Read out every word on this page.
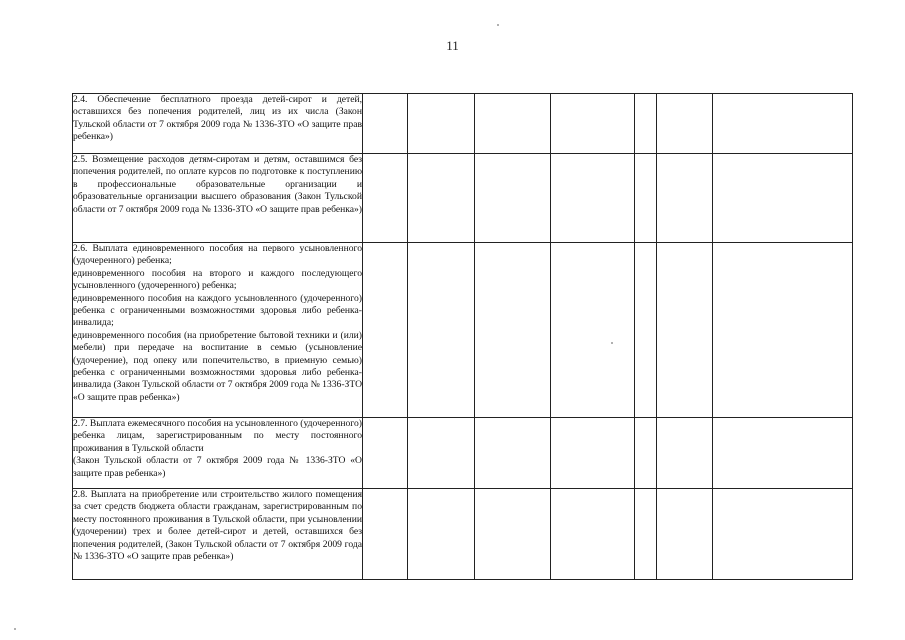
11
2.4. Обеспечение бесплатного проезда детей-сирот и детей, оставшихся без попечения родителей, лиц из их числа (Закон Тульской области от 7 октября 2009 года № 1336-ЗТО «О защите прав ребенка»)							
2.5. Возмещение расходов детям-сиротам и детям, оставшимся без попечения родителей, по оплате курсов по подготовке к поступлению в профессиональные образовательные организации и образовательные организации высшего образования (Закон Тульской области от 7 октября 2009 года № 1336-ЗТО «О защите прав ребенка»)							
2.6. Выплата единовременного пособия на первого усыновленного (удочеренного) ребенка;
единовременного пособия на второго и каждого последующего усыновленного (удочеренного) ребенка;
единовременного пособия на каждого усыновленного (удочеренного) ребенка с ограниченными возможностями здоровья либо ребенка-инвалида;
единовременного пособия (на приобретение бытовой техники и (или) мебели) при передаче на воспитание в семью (усыновление (удочерение), под опеку или попечительство, в приемную семью) ребенка с ограниченными возможностями здоровья либо ребенка-инвалида (Закон Тульской области от 7 октября 2009 года № 1336-ЗТО «О защите прав ребенка»)							
2.7. Выплата ежемесячного пособия на усыновленного (удочеренного) ребенка лицам, зарегистрированным по месту постоянного проживания в Тульской области
(Закон Тульской области от 7 октября 2009 года № 1336-ЗТО «О защите прав ребенка»)							
2.8. Выплата на приобретение или строительство жилого помещения за счет средств бюджета области гражданам, зарегистрированным по месту постоянного проживания в Тульской области, при усыновлении (удочерении) трех и более детей-сирот и детей, оставшихся без попечения родителей, (Закон Тульской области от 7 октября 2009 года № 1336-ЗТО «О защите прав ребенка»)							
